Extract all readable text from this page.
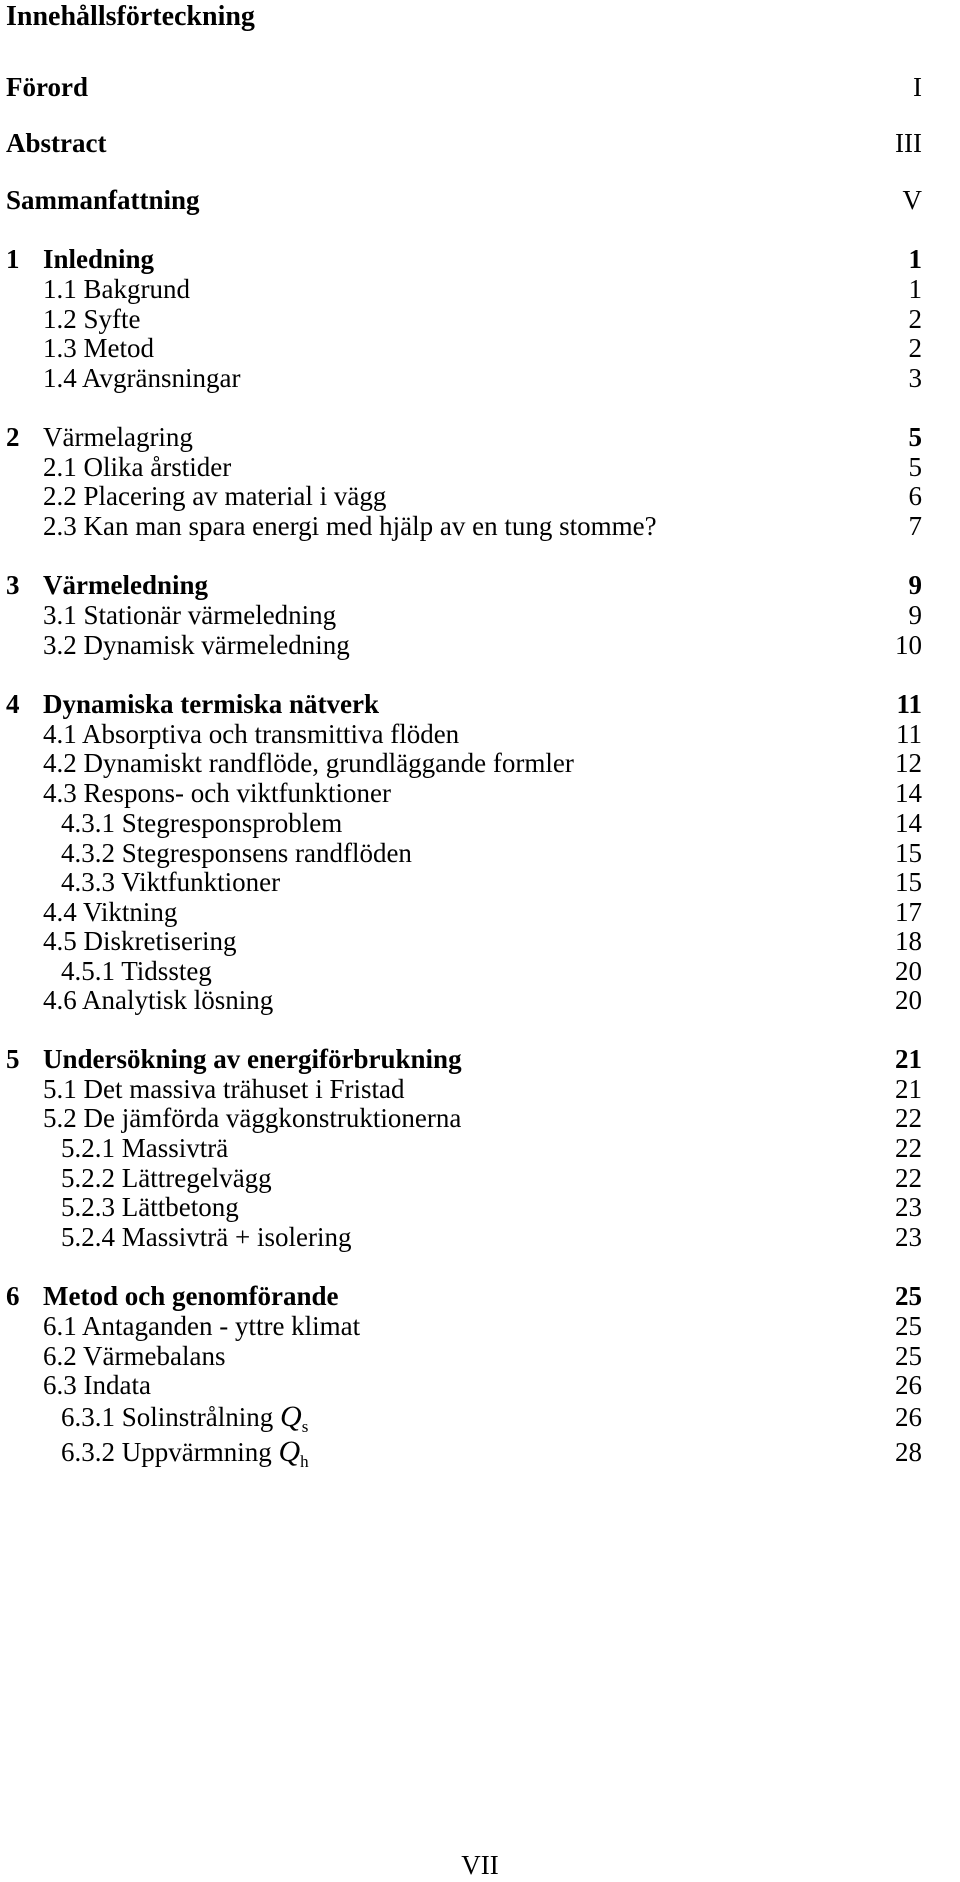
Innehållsförteckning
Förord	I
Abstract	III
Sammanfattning	V
1 Inledning	1
1.1 Bakgrund	1
1.2 Syfte	2
1.3 Metod	2
1.4 Avgränsningar	3
2 Värmelagring	5
2.1 Olika årstider	5
2.2 Placering av material i vägg	6
2.3 Kan man spara energi med hjälp av en tung stomme?	7
3 Värmeledning	9
3.1 Stationär värmeledning	9
3.2 Dynamisk värmeledning	10
4 Dynamiska termiska nätverk	11
4.1 Absorptiva och transmittiva flöden	11
4.2 Dynamiskt randflöde, grundläggande formler	12
4.3 Respons- och viktfunktioner	14
4.3.1 Stegresponsproblem	14
4.3.2 Stegresponsens randflöden	15
4.3.3 Viktfunktioner	15
4.4 Viktning	17
4.5 Diskretisering	18
4.5.1 Tidssteg	20
4.6 Analytisk lösning	20
5 Undersökning av energiförbrukning	21
5.1 Det massiva trähuset i Fristad	21
5.2 De jämförda väggkonstruktionerna	22
5.2.1 Massivträ	22
5.2.2 Lättregelvägg	22
5.2.3 Lättbetong	23
5.2.4 Massivträ + isolering	23
6 Metod och genomförande	25
6.1 Antaganden - yttre klimat	25
6.2 Värmebalans	25
6.3 Indata	26
6.3.1 Solinstrålning $Q_s$	26
6.3.2 Uppvärmning $Q_h$	28
VII
